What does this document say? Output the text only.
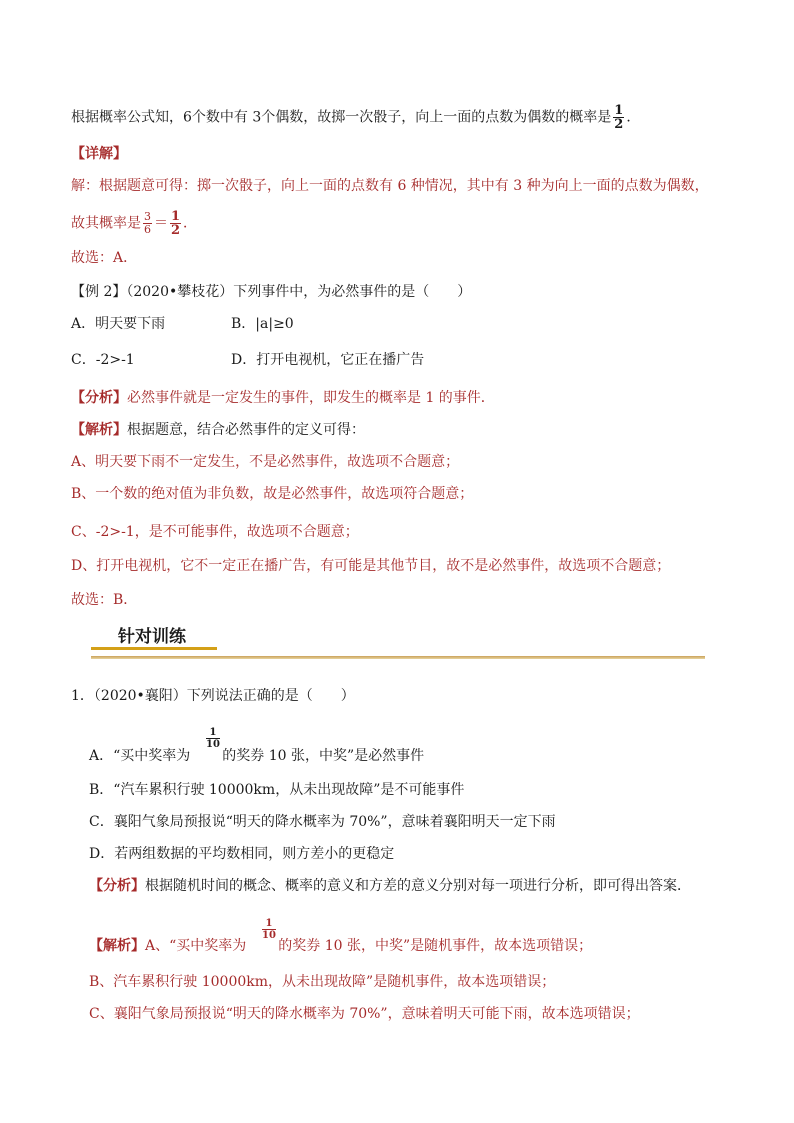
根据概率公式知，6个数中有 3个偶数，故掷一次骰子，向上一面的点数为偶数的概率是 $\frac{1}{2}$ ．
【详解】
解：根据题意可得：掷一次骰子，向上一面的点数有 6 种情况，其中有 3 种为向上一面的点数为偶数，
故其概率是 $\frac{3}{6} = \frac{1}{2}$ ．
故选：A．
【例 2】（2020•攀枝花）下列事件中，为必然事件的是（　　）
A．明天要下雨	B．|a|≥0
C．-2>-1	D．打开电视机，它正在播广告
【分析】必然事件就是一定发生的事件，即发生的概率是 1 的事件．
【解析】根据题意，结合必然事件的定义可得：
A、明天要下雨不一定发生，不是必然事件，故选项不合题意；
B、一个数的绝对值为非负数，故是必然事件，故选项符合题意；
C、-2>-1，是不可能事件，故选项不合题意；
D、打开电视机，它不一定正在播广告，有可能是其他节目，故不是必然事件，故选项不合题意；
故选：B．
针对训练
1．（2020•襄阳）下列说法正确的是（　　）
$\frac{1}{10}$
A．“买中奖率为 的奖券 10 张，中奖”是必然事件
B．“汽车累积行驶 10000km，从未出现故障”是不可能事件
C．襄阳气象局预报说“明天的降水概率为 70%”，意味着襄阳明天一定下雨
D．若两组数据的平均数相同，则方差小的更稳定
【分析】根据随机时间的概念、概率的意义和方差的意义分别对每一项进行分析，即可得出答案．
$\frac{1}{10}$
【解析】A、“买中奖率为 的奖券 10 张，中奖”是随机事件，故本选项错误；
B、汽车累积行驶 10000km，从未出现故障”是随机事件，故本选项错误；
C、襄阳气象局预报说“明天的降水概率为 70%”，意味着明天可能下雨，故本选项错误；
